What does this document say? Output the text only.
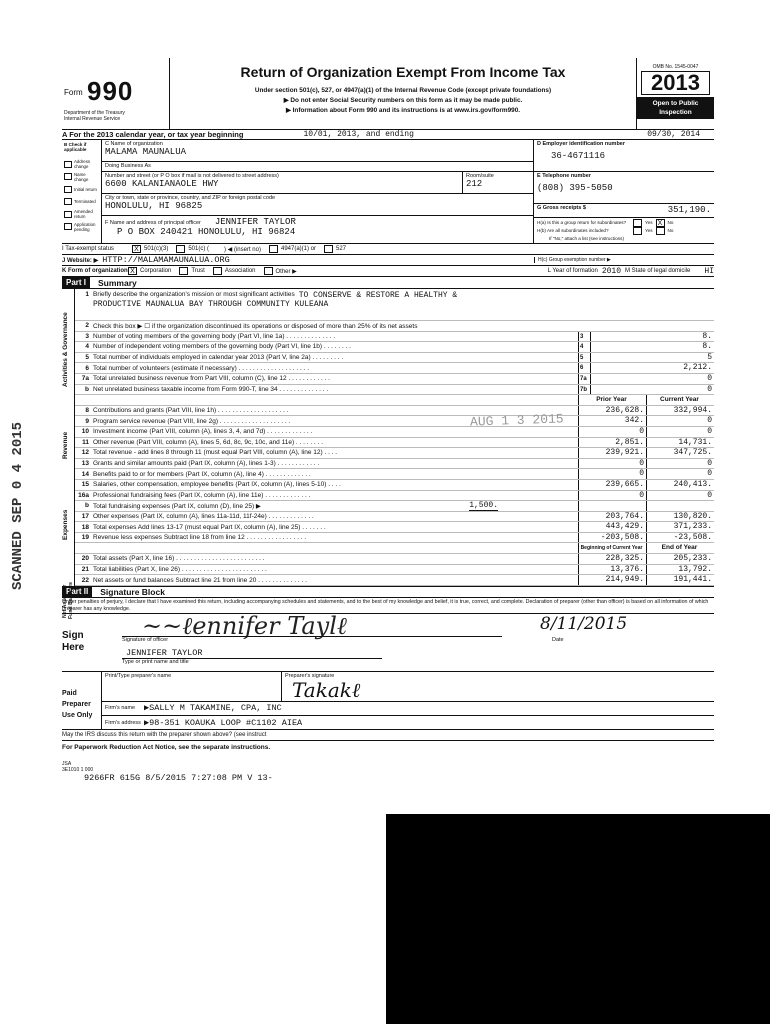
Form 990
Department of the Treasury
Internal Revenue Service
Return of Organization Exempt From Income Tax
Under section 501(c), 527, or 4947(a)(1) of the Internal Revenue Code (except private foundations)
▶ Do not enter Social Security numbers on this form as it may be made public.
▶ Information about Form 990 and its instructions is at www.irs.gov/form990.
OMB No. 1545-0047
2013
Open to Public
Inspection
A For the 2013 calendar year, or tax year beginning	10/01, 2013, and ending	09/30, 2014
B Check if applicable
Address change
Name change
Initial return
Terminated
Amended return
Application pending
C Name of organization
MALAMA MAUNALUA
Doing Business As
Number and street (or P O box if mail is not delivered to street address)
6600 KALANIANAOLE HWY
Room/suite
212
City or town, state or province, country, and ZIP or foreign postal code
HONOLULU, HI 96825
F Name and address of principal officer JENNIFER TAYLOR
P O BOX 240421 HONOLULU, HI 96824
D Employer identification number
36-4671116
E Telephone number
(808) 395-5050
G Gross receipts $	351,190.
H(a) Is this a group return for subordinates?	Yes X	No
H(b) Are all subordinates included?	Yes	No
If "No," attach a list (see instructions)
I Tax-exempt status	X 501(c)(3)	501(c) (	) ◀ (insert no)	4947(a)(1) or	527
J Website: ▶ HTTP://MALAMAMAUNALUA.ORG	H(c) Group exemption number ▶
K Form of organization X Corporation	Trust	Association	Other ▶	L Year of formation 2010 M State of legal domicile HI
Part I	Summary
Activities & Governance
Revenue
Expenses
Net Assets or Fund Balances
1 Briefly describe the organization's mission or most significant activities TO CONSERVE & RESTORE A HEALTHY &
PRODUCTIVE MAUNALUA BAY THROUGH COMMUNITY KULEANA
2 Check this box ▶ ☐ if the organization discontinued its operations or disposed of more than 25% of its net assets
3 Number of voting members of the governing body (Part VI, line 1a) . . . . . . . . . . . . . .	3	8.
4 Number of independent voting members of the governing body (Part VI, line 1b) . . . . . . . .	4	8.
5 Total number of individuals employed in calendar year 2013 (Part V, line 2a) . . . . . . . . .	5	5
6 Total number of volunteers (estimate if necessary) . . . . . . . . . . . . . . . . . . . .	6	2,212.
7a Total unrelated business revenue from Part VIII, column (C), line 12 . . . . . . . . . . . .	7a	0
b Net unrelated business taxable income from Form 990-T, line 34 . . . . . . . . . . . . . .	7b	0
Prior Year	Current Year
8 Contributions and grants (Part VIII, line 1h) . . . . . . . . . . . . . . . . . . . .	236,628.	332,994.
9 Program service revenue (Part VIII, line 2g) . . . . . . . . . . . . . . . . . . . .	342.	0
10 Investment income (Part VIII, column (A), lines 3, 4, and 7d) . . . . . . . . . . . . .	0	0
11 Other revenue (Part VIII, column (A), lines 5, 6d, 8c, 9c, 10c, and 11e) . . . . . . . .	2,851.	14,731.
12 Total revenue - add lines 8 through 11 (must equal Part VIII, column (A), line 12) . . . .	239,921.	347,725.
13 Grants and similar amounts paid (Part IX, column (A), lines 1-3) . . . . . . . . . . . .	0	0
14 Benefits paid to or for members (Part IX, column (A), line 4) . . . . . . . . . . . . .	0	0
15 Salaries, other compensation, employee benefits (Part IX, column (A), lines 5-10) . . . .	239,665.	240,413.
16a Professional fundraising fees (Part IX, column (A), line 11e) . . . . . . . . . . . . .	0	0
b Total fundraising expenses (Part IX, column (D), line 25) ▶	1,500.
17 Other expenses (Part IX, column (A), lines 11a-11d, 11f-24e) . . . . . . . . . . . . .	203,764.	130,820.
18 Total expenses Add lines 13-17 (must equal Part IX, column (A), line 25) . . . . . . .	443,429.	371,233.
19 Revenue less expenses Subtract line 18 from line 12 . . . . . . . . . . . . . . . . .	-203,508.	-23,508.
Beginning of Current Year	End of Year
20 Total assets (Part X, line 16) . . . . . . . . . . . . . . . . . . . . . . . . .	228,325.	205,233.
21 Total liabilities (Part X, line 26) . . . . . . . . . . . . . . . . . . . . . . . .	13,376.	13,792.
22 Net assets or fund balances Subtract line 21 from line 20 . . . . . . . . . . . . . .	214,949.	191,441.
Part II	Signature Block
Under penalties of perjury, I declare that I have examined this return, including accompanying schedules and statements, and to the best of my knowledge and belief, it is true, correct, and complete. Declaration of preparer (other than officer) is based on all information of which preparer has any knowledge.
Sign
Here
~~ℓennifer Taylℓ
Signature of officer	Date
8/11/2015
JENNIFER TAYLOR
Type or print name and title
Paid
Preparer
Use Only
Print/Type preparer's name	Preparer's signature
Takakℓ
Firm's name	▶SALLY M TAKAMINE, CPA, INC
Firm's address ▶98-351 KOAUKA LOOP #C1102 AIEA
May the IRS discuss this return with the preparer shown above? (see instruct
For Paperwork Reduction Act Notice, see the separate instructions.
JSA
3E1010 1 000
9266FR 615G 8/5/2015 7:27:08 PM V 13-
AUG 1 3 2015
SCANNED SEP 0 4 2015
